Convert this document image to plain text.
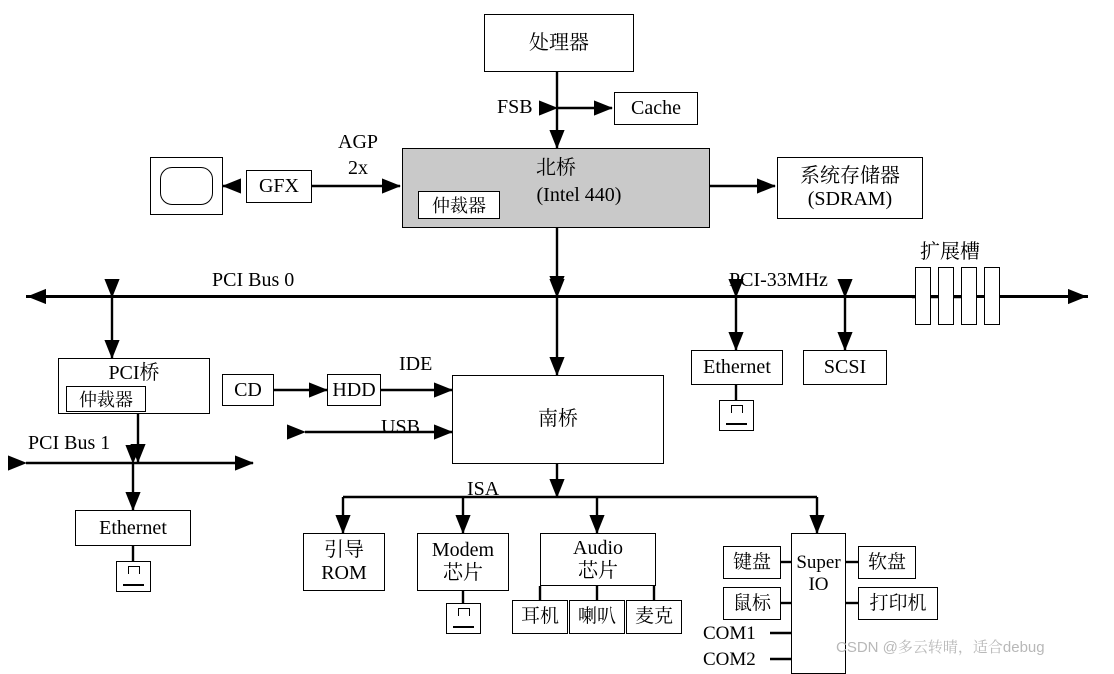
扩展槽
处理器
Cache
FSB
北桥
(Intel 440)
仲裁器
AGP
2x
GFX	系统存储器
(SDRAM)
PCI Bus 0	PCI-33MHz
Ethernet	SCSI
PCI桥
仲裁器
PCI Bus 1
Ethernet
CD	HDD
IDE
USB	南桥
ISA
引导
ROM
Modem
芯片
Audio
芯片
耳机 喇叭 麦克
Super
IO
键盘
鼠标
软盘
打印机
COM1
COM2
CSDN @多云转晴，适合debug
